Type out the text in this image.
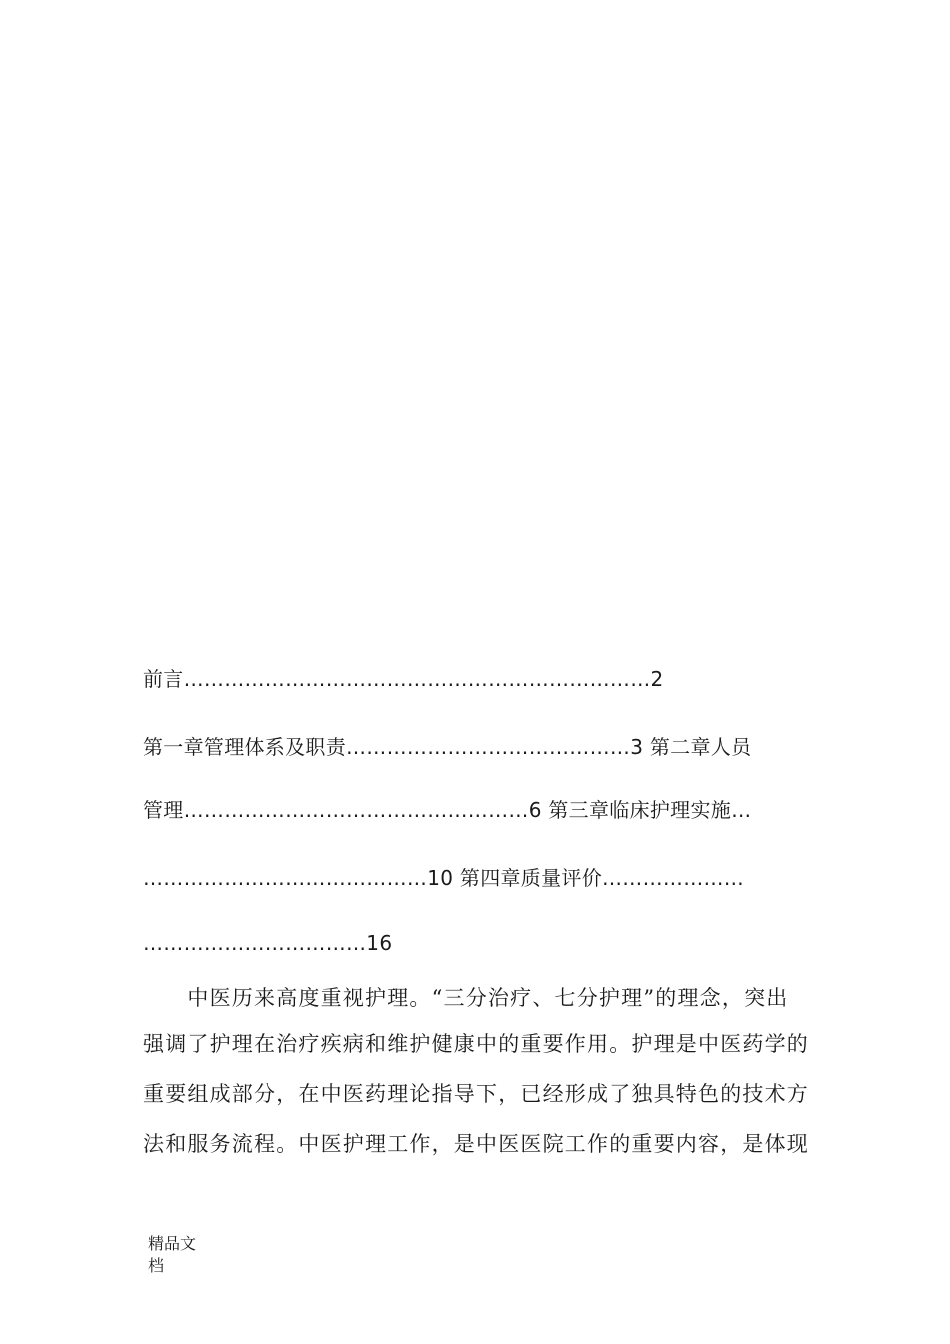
前言……………………………………………………………2
第一章管理体系及职责……………………………………3 第二章人员
管理……………………………………………6 第三章临床护理实施…
……………………………………10 第四章质量评价…………………
……………………………16
　　中医历来高度重视护理。“三分治疗、七分护理”的理念，突出
强调了护理在治疗疾病和维护健康中的重要作用。护理是中医药学的
重要组成部分，在中医药理论指导下，已经形成了独具特色的技术方
法和服务流程。中医护理工作，是中医医院工作的重要内容，是体现
精品文
档
